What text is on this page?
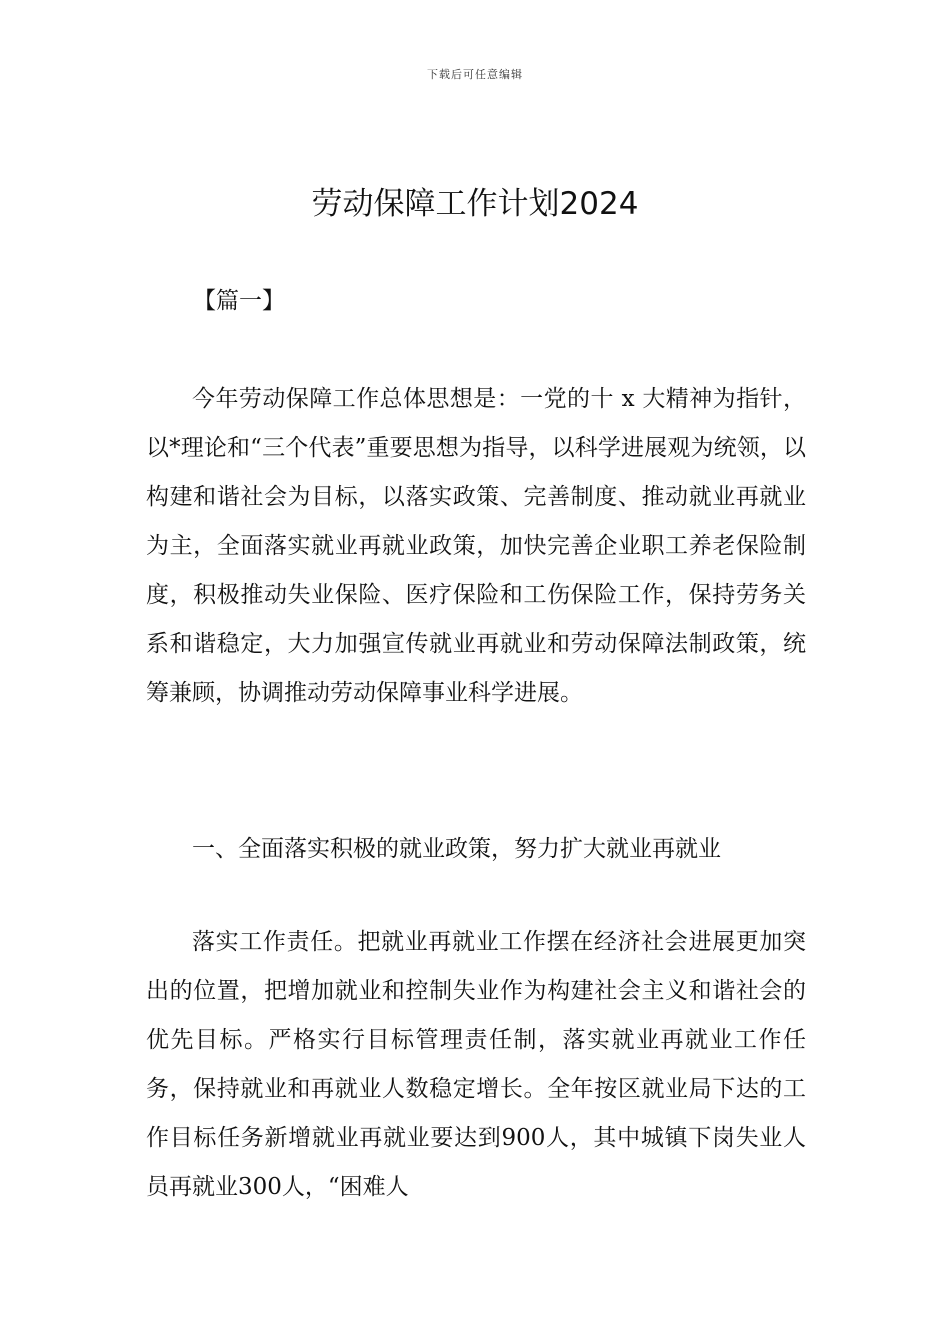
下载后可任意编辑
劳动保障工作计划2024
【篇一】
今年劳动保障工作总体思想是：一党的十 x 大精神为指针，以*理论和“三个代表”重要思想为指导，以科学进展观为统领，以构建和谐社会为目标，以落实政策、完善制度、推动就业再就业为主，全面落实就业再就业政策，加快完善企业职工养老保险制度，积极推动失业保险、医疗保险和工伤保险工作，保持劳务关系和谐稳定，大力加强宣传就业再就业和劳动保障法制政策，统筹兼顾，协调推动劳动保障事业科学进展。
一、全面落实积极的就业政策，努力扩大就业再就业
落实工作责任。把就业再就业工作摆在经济社会进展更加突出的位置，把增加就业和控制失业作为构建社会主义和谐社会的优先目标。严格实行目标管理责任制，落实就业再就业工作任务，保持就业和再就业人数稳定增长。全年按区就业局下达的工作目标任务新增就业再就业要达到900人，其中城镇下岗失业人员再就业300人，“困难人
